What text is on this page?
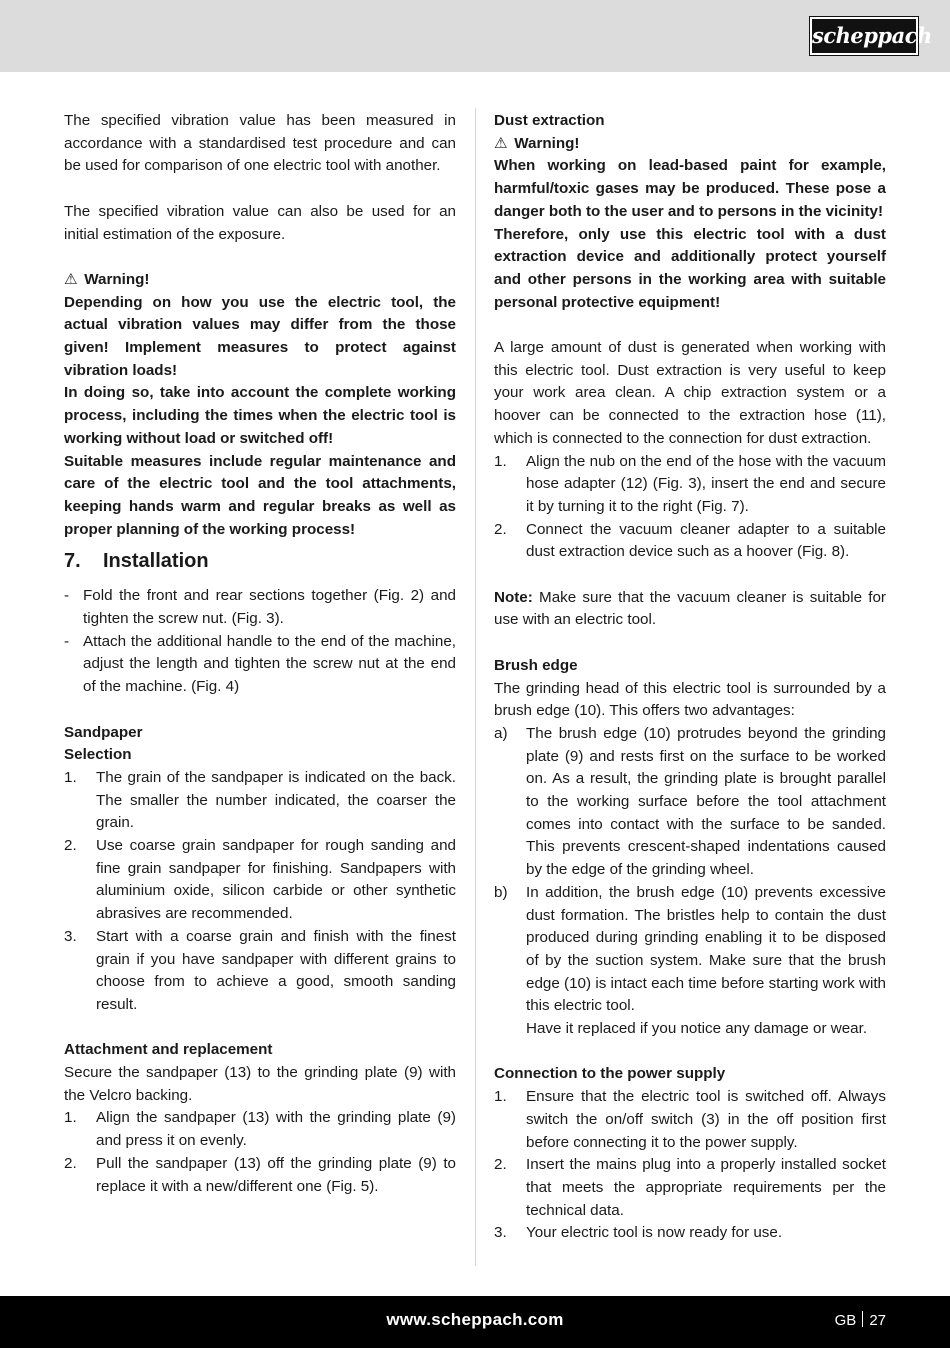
scheppach

The specified vibration value has been measured in accordance with a standardised test procedure and can be used for comparison of one electric tool with another.

The specified vibration value can also be used for an initial estimation of the exposure.

⚠ Warning!

Depending on how you use the electric tool, the actual vibration values may differ from the those given! Implement measures to protect against vibration loads!

In doing so, take into account the complete working process, including the times when the electric tool is working without load or switched off!

Suitable measures include regular maintenance and care of the electric tool and the tool attachments, keeping hands warm and regular breaks as well as proper planning of the working process!

7.	Installation
- Fold the front and rear sections together (Fig. 2) and tighten the screw nut. (Fig. 3).
- Attach the additional handle to the end of the machine, adjust the length and tighten the screw nut at the end of the machine. (Fig. 4)
Sandpaper
Selection
1.	The grain of the sandpaper is indicated on the back. The smaller the number indicated, the coarser the grain.
2.	Use coarse grain sandpaper for rough sanding and fine grain sandpaper for finishing. Sandpapers with aluminium oxide, silicon carbide or other synthetic abrasives are recommended.
3.	Start with a coarse grain and finish with the finest grain if you have sandpaper with different grains to choose from to achieve a good, smooth sanding result.
Attachment and replacement

Secure the sandpaper (13) to the grinding plate (9) with the Velcro backing.

1.	Align the sandpaper (13) with the grinding plate (9) and press it on evenly.
2.	Pull the sandpaper (13) off the grinding plate (9) to replace it with a new/different one (Fig. 5).
Dust extraction
⚠ Warning!

When working on lead-based paint for example, harmful/toxic gases may be produced. These pose a danger both to the user and to persons in the vicinity!

Therefore, only use this electric tool with a dust extraction device and additionally protect yourself and other persons in the working area with suitable personal protective equipment!

A large amount of dust is generated when working with this electric tool. Dust extraction is very useful to keep your work area clean. A chip extraction system or a hoover can be connected to the extraction hose (11), which is connected to the connection for dust extraction.

1.	Align the nub on the end of the hose with the vacuum hose adapter (12) (Fig. 3), insert the end and secure it by turning it to the right (Fig. 7).
2.	Connect the vacuum cleaner adapter to a suitable dust extraction device such as a hoover (Fig. 8).

Note: Make sure that the vacuum cleaner is suitable for use with an electric tool.

Brush edge

The grinding head of this electric tool is surrounded by a brush edge (10). This offers two advantages:

a)	The brush edge (10) protrudes beyond the grinding plate (9) and rests first on the surface to be worked on. As a result, the grinding plate is brought parallel to the working surface before the tool attachment comes into contact with the surface to be sanded. This prevents crescent-shaped indentations caused by the edge of the grinding wheel.
b)	In addition, the brush edge (10) prevents excessive dust formation. The bristles help to contain the dust produced during grinding enabling it to be disposed of by the suction system. Make sure that the brush edge (10) is intact each time before starting work with this electric tool.
Have it replaced if you notice any damage or wear.
Connection to the power supply
1.	Ensure that the electric tool is switched off. Always switch the on/off switch (3) in the off position first before connecting it to the power supply.
2.	Insert the mains plug into a properly installed socket that meets the appropriate requirements per the technical data.
3.	Your electric tool is now ready for use.
www.scheppach.com	GB 27
